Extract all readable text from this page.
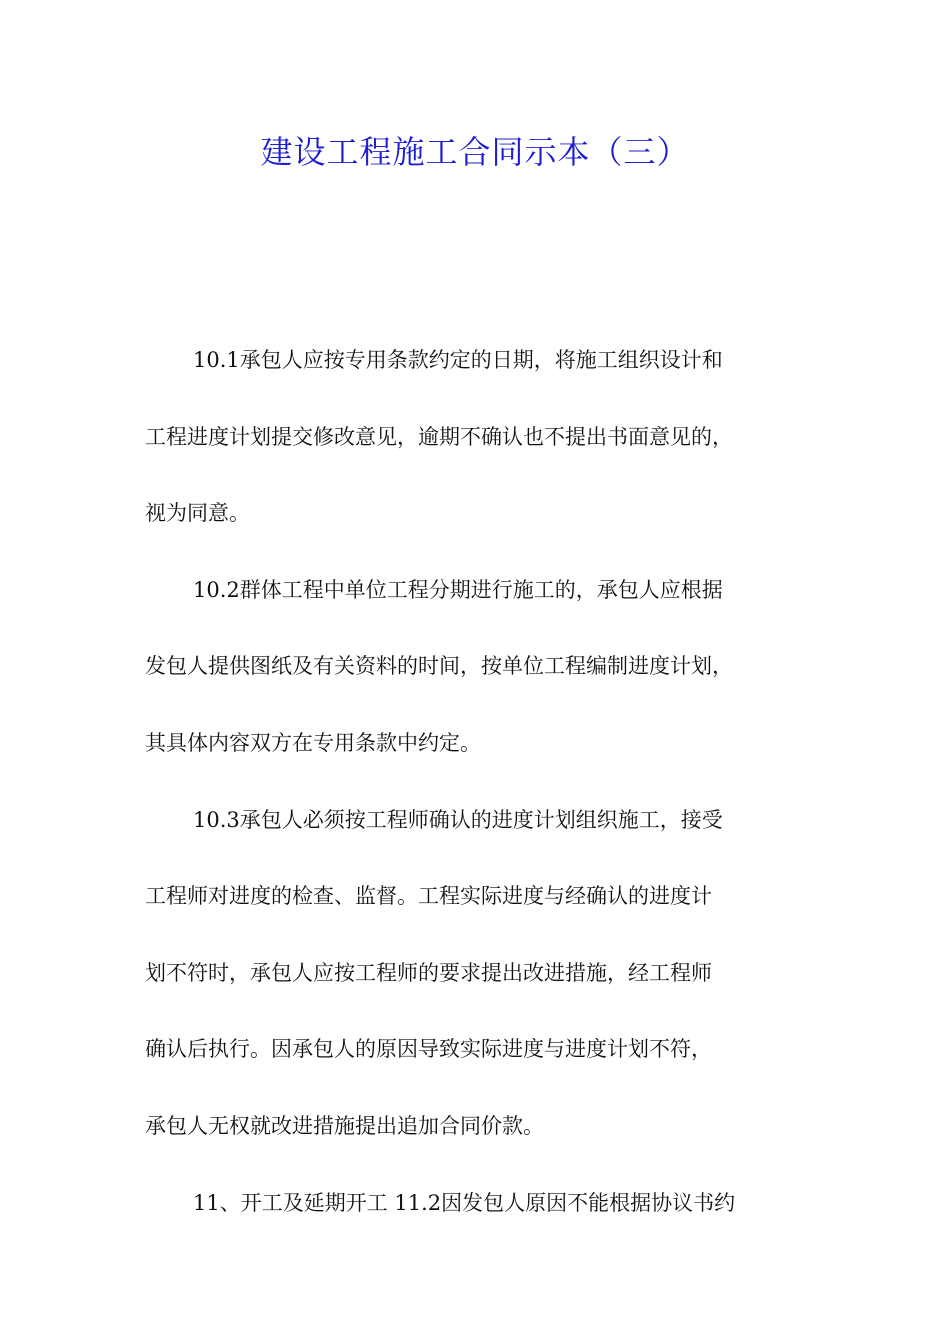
建设工程施工合同示本（三）
10.1承包人应按专用条款约定的日期，将施工组织设计和
工程进度计划提交修改意见，逾期不确认也不提出书面意见的，
视为同意。
10.2群体工程中单位工程分期进行施工的，承包人应根据
发包人提供图纸及有关资料的时间，按单位工程编制进度计划，
其具体内容双方在专用条款中约定。
10.3承包人必须按工程师确认的进度计划组织施工，接受
工程师对进度的检查、监督。工程实际进度与经确认的进度计
划不符时，承包人应按工程师的要求提出改进措施，经工程师
确认后执行。因承包人的原因导致实际进度与进度计划不符，
承包人无权就改进措施提出追加合同价款。
11、开工及延期开工 11.2因发包人原因不能根据协议书约
